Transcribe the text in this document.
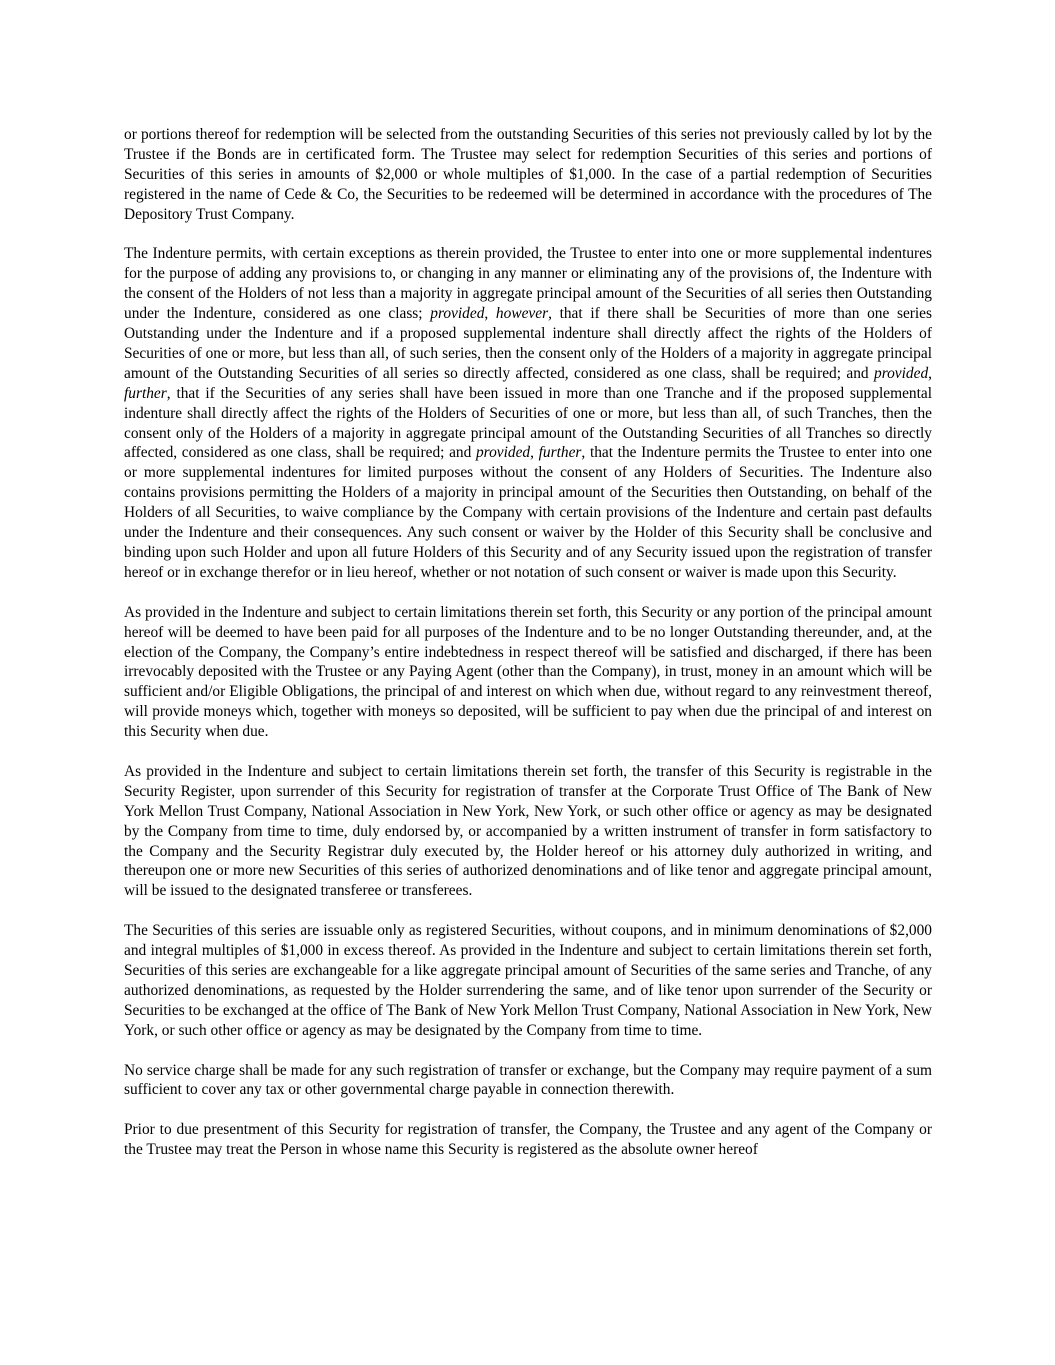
or portions thereof for redemption will be selected from the outstanding Securities of this series not previously called by lot by the Trustee if the Bonds are in certificated form. The Trustee may select for redemption Securities of this series and portions of Securities of this series in amounts of $2,000 or whole multiples of $1,000. In the case of a partial redemption of Securities registered in the name of Cede & Co, the Securities to be redeemed will be determined in accordance with the procedures of The Depository Trust Company.

The Indenture permits, with certain exceptions as therein provided, the Trustee to enter into one or more supplemental indentures for the purpose of adding any provisions to, or changing in any manner or eliminating any of the provisions of, the Indenture with the consent of the Holders of not less than a majority in aggregate principal amount of the Securities of all series then Outstanding under the Indenture, considered as one class; provided, however, that if there shall be Securities of more than one series Outstanding under the Indenture and if a proposed supplemental indenture shall directly affect the rights of the Holders of Securities of one or more, but less than all, of such series, then the consent only of the Holders of a majority in aggregate principal amount of the Outstanding Securities of all series so directly affected, considered as one class, shall be required; and provided, further, that if the Securities of any series shall have been issued in more than one Tranche and if the proposed supplemental indenture shall directly affect the rights of the Holders of Securities of one or more, but less than all, of such Tranches, then the consent only of the Holders of a majority in aggregate principal amount of the Outstanding Securities of all Tranches so directly affected, considered as one class, shall be required; and provided, further, that the Indenture permits the Trustee to enter into one or more supplemental indentures for limited purposes without the consent of any Holders of Securities. The Indenture also contains provisions permitting the Holders of a majority in principal amount of the Securities then Outstanding, on behalf of the Holders of all Securities, to waive compliance by the Company with certain provisions of the Indenture and certain past defaults under the Indenture and their consequences. Any such consent or waiver by the Holder of this Security shall be conclusive and binding upon such Holder and upon all future Holders of this Security and of any Security issued upon the registration of transfer hereof or in exchange therefor or in lieu hereof, whether or not notation of such consent or waiver is made upon this Security.

As provided in the Indenture and subject to certain limitations therein set forth, this Security or any portion of the principal amount hereof will be deemed to have been paid for all purposes of the Indenture and to be no longer Outstanding thereunder, and, at the election of the Company, the Company’s entire indebtedness in respect thereof will be satisfied and discharged, if there has been irrevocably deposited with the Trustee or any Paying Agent (other than the Company), in trust, money in an amount which will be sufficient and/or Eligible Obligations, the principal of and interest on which when due, without regard to any reinvestment thereof, will provide moneys which, together with moneys so deposited, will be sufficient to pay when due the principal of and interest on this Security when due.

As provided in the Indenture and subject to certain limitations therein set forth, the transfer of this Security is registrable in the Security Register, upon surrender of this Security for registration of transfer at the Corporate Trust Office of The Bank of New York Mellon Trust Company, National Association in New York, New York, or such other office or agency as may be designated by the Company from time to time, duly endorsed by, or accompanied by a written instrument of transfer in form satisfactory to the Company and the Security Registrar duly executed by, the Holder hereof or his attorney duly authorized in writing, and thereupon one or more new Securities of this series of authorized denominations and of like tenor and aggregate principal amount, will be issued to the designated transferee or transferees.

The Securities of this series are issuable only as registered Securities, without coupons, and in minimum denominations of $2,000 and integral multiples of $1,000 in excess thereof. As provided in the Indenture and subject to certain limitations therein set forth, Securities of this series are exchangeable for a like aggregate principal amount of Securities of the same series and Tranche, of any authorized denominations, as requested by the Holder surrendering the same, and of like tenor upon surrender of the Security or Securities to be exchanged at the office of The Bank of New York Mellon Trust Company, National Association in New York, New York, or such other office or agency as may be designated by the Company from time to time.

No service charge shall be made for any such registration of transfer or exchange, but the Company may require payment of a sum sufficient to cover any tax or other governmental charge payable in connection therewith.

Prior to due presentment of this Security for registration of transfer, the Company, the Trustee and any agent of the Company or the Trustee may treat the Person in whose name this Security is registered as the absolute owner hereof
